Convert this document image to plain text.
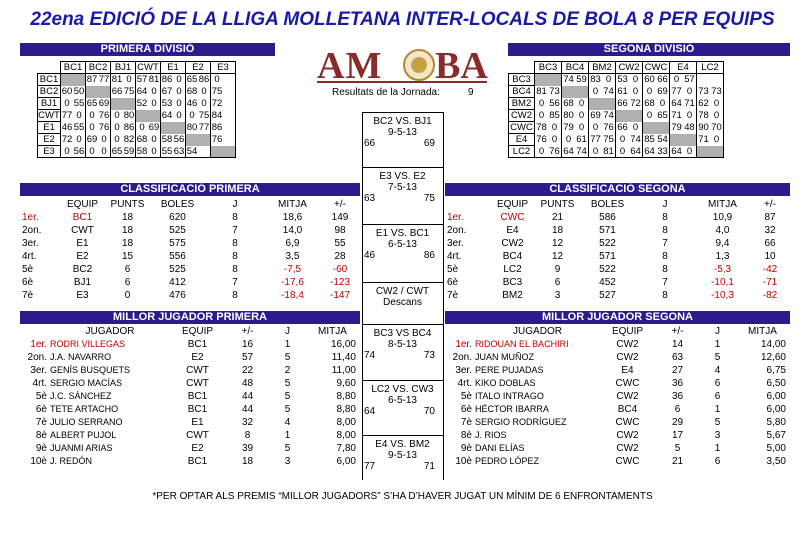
22ena EDICIÓ DE LA LLIGA MOLLETANA INTER-LOCALS DE BOLA 8 PER EQUIPS
PRIMERA DIVISIÓ	SEGONA DIVISIÓ
AM BA
Resultats de la Jornada:	9
	BC1		BC2		BJ1		CWT		E1		E2		E3	
BC1			87	77	81	0	57	81	86	0	65	86	0	
BC2	60	50			66	75	64	0	67	0	68	0	75	
BJ1	0	55	65	69			52	0	53	0	46	0	72	
CWT	77	0	0	76	0	80			64	0	0	75	84	
E1	46	55	0	76	0	86	0	69			80	77	86	
E2	72	0	69	0	0	82	68	0	58	56			76	
E3	0	56	0	0	65	59	58	0	55	63	54			
	BC3		BC4		BM2		CW2		CWC		E4		LC2	
BC3			74	59	83	0	53	0	60	66	0	57		
BC4	81	73			0	74	61	0	0	69	77	0	73	73
BM2	0	56	68	0			66	72	68	0	64	71	62	0
CW2	0	85	80	0	69	74			0	65	71	0	78	0
CWC	78	0	79	0	0	76	66	0			79	48	90	70
E4	76	0	0	61	77	75	0	74	85	54			71	0
LC2	0	76	64	74	0	81	0	64	64	33	64	0		
CLASSIFICACIÓ PRIMERA	CLASSIFICACIÓ SEGONA
	EQUIP	PUNTS	BOLES	J	MITJA	+/-
1er.	BC1	18	620	8	18,6	149
2on.	CWT	18	525	7	14,0	98
3er.	E1	18	575	8	6,9	55
4rt.	E2	15	556	8	3,5	28
5è	BC2	6	525	8	-7,5	-60
6è	BJ1	6	412	7	-17,6	-123
7è	E3	0	476	8	-18,4	-147
	EQUIP	PUNTS	BOLES	J	MITJA	+/-
1er.	CWC	21	586	8	10,9	87
2on.	E4	18	571	8	4,0	32
3er.	CW2	12	522	7	9,4	66
4rt.	BC4	12	571	8	1,3	10
5è	LC2	9	522	8	-5,3	-42
6è	BC3	6	452	7	-10,1	-71
7è	BM2	3	527	8	-10,3	-82
MILLOR JUGADOR PRIMERA	MILLOR JUGADOR SEGONA
	JUGADOR	EQUIP	+/-	J	MITJA
1er.	RODRI VILLEGAS	BC1	16	1	16,00
2on.	J.A. NAVARRO	E2	57	5	11,40
3er.	GENÍS BUSQUETS	CWT	22	2	11,00
4rt.	SERGIO MACÍAS	CWT	48	5	9,60
5è	J.C. SÁNCHEZ	BC1	44	5	8,80
6è	TETE ARTACHO	BC1	44	5	8,80
7è	JULIO SERRANO	E1	32	4	8,00
8è	ALBERT PUJOL	CWT	8	1	8,00
9è	JUANMI ARIAS	E2	39	5	7,80
10è	J. REDÓN	BC1	18	3	6,00
	JUGADOR	EQUIP	+/-	J	MITJA
1er.	RIDOUAN EL BACHIRI	CW2	14	1	14,00
2on.	JUAN MUÑOZ	CW2	63	5	12,60
3er.	PERE PUJADAS	E4	27	4	6,75
4rt.	KIKO DOBLAS	CWC	36	6	6,50
5è	ITALO INTRAGO	CW2	36	6	6,00
6è	HÉCTOR IBARRA	BC4	6	1	6,00
7è	SERGIO RODRÍGUEZ	CWC	29	5	5,80
8è	J. RIOS	CW2	17	3	5,67
9è	DANI ELÍAS	CW2	5	1	5,00
10è	PEDRO LÓPEZ	CWC	21	6	3,50
BC2 VS. BJ1
9-5-13
66	69
E3 VS. E2
7-5-13
63	75
E1 VS. BC1
6-5-13
46	86
CW2 / CWT
Descans
BC3 VS BC4
8-5-13
74	73
LC2 VS. CW3
6-5-13
64	70
E4 VS. BM2
9-5-13
77	71
*PER OPTAR ALS PREMIS “MILLOR JUGADORS” S’HA D’HAVER JUGAT UN MÍNIM DE 6 ENFRONTAMENTS
